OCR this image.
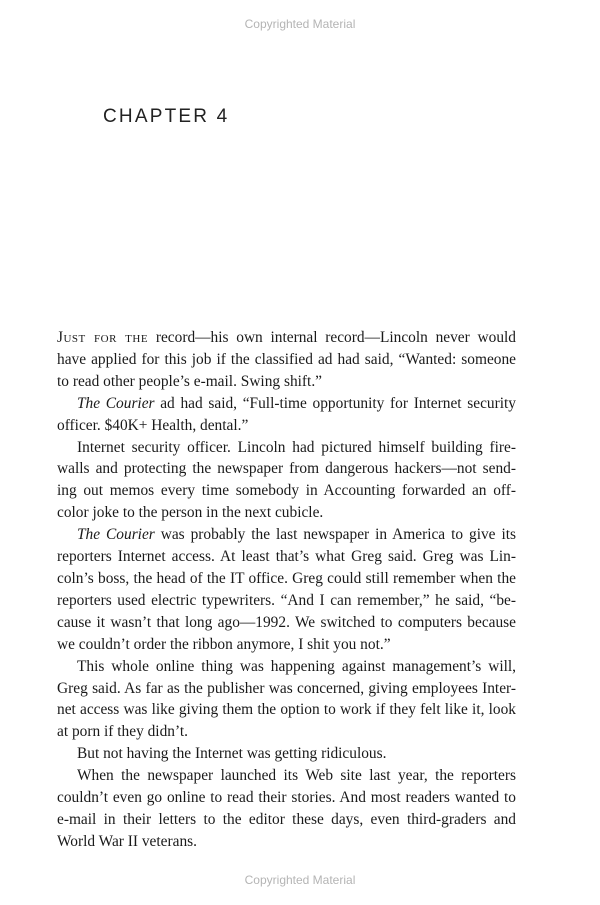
Copyrighted Material
CHAPTER 4

Just for the record—his own internal record—Lincoln never would have applied for this job if the classified ad had said, “Wanted: someone to read other people’s e-mail. Swing shift.”

The Courier ad had said, “Full-time opportunity for Internet security officer. $40K+ Health, dental.”

Internet security officer. Lincoln had pictured himself building fire-walls and protecting the newspaper from dangerous hackers—not send-ing out memos every time somebody in Accounting forwarded an off-color joke to the person in the next cubicle.

The Courier was probably the last newspaper in America to give its reporters Internet access. At least that’s what Greg said. Greg was Lin-coln’s boss, the head of the IT office. Greg could still remember when the reporters used electric typewriters. “And I can remember,” he said, “be-cause it wasn’t that long ago—1992. We switched to computers because we couldn’t order the ribbon anymore, I shit you not.”

This whole online thing was happening against management’s will, Greg said. As far as the publisher was concerned, giving employees Inter-net access was like giving them the option to work if they felt like it, look at porn if they didn’t.

But not having the Internet was getting ridiculous.

When the newspaper launched its Web site last year, the reporters couldn’t even go online to read their stories. And most readers wanted to e-mail in their letters to the editor these days, even third-graders and World War II veterans.

Copyrighted Material
